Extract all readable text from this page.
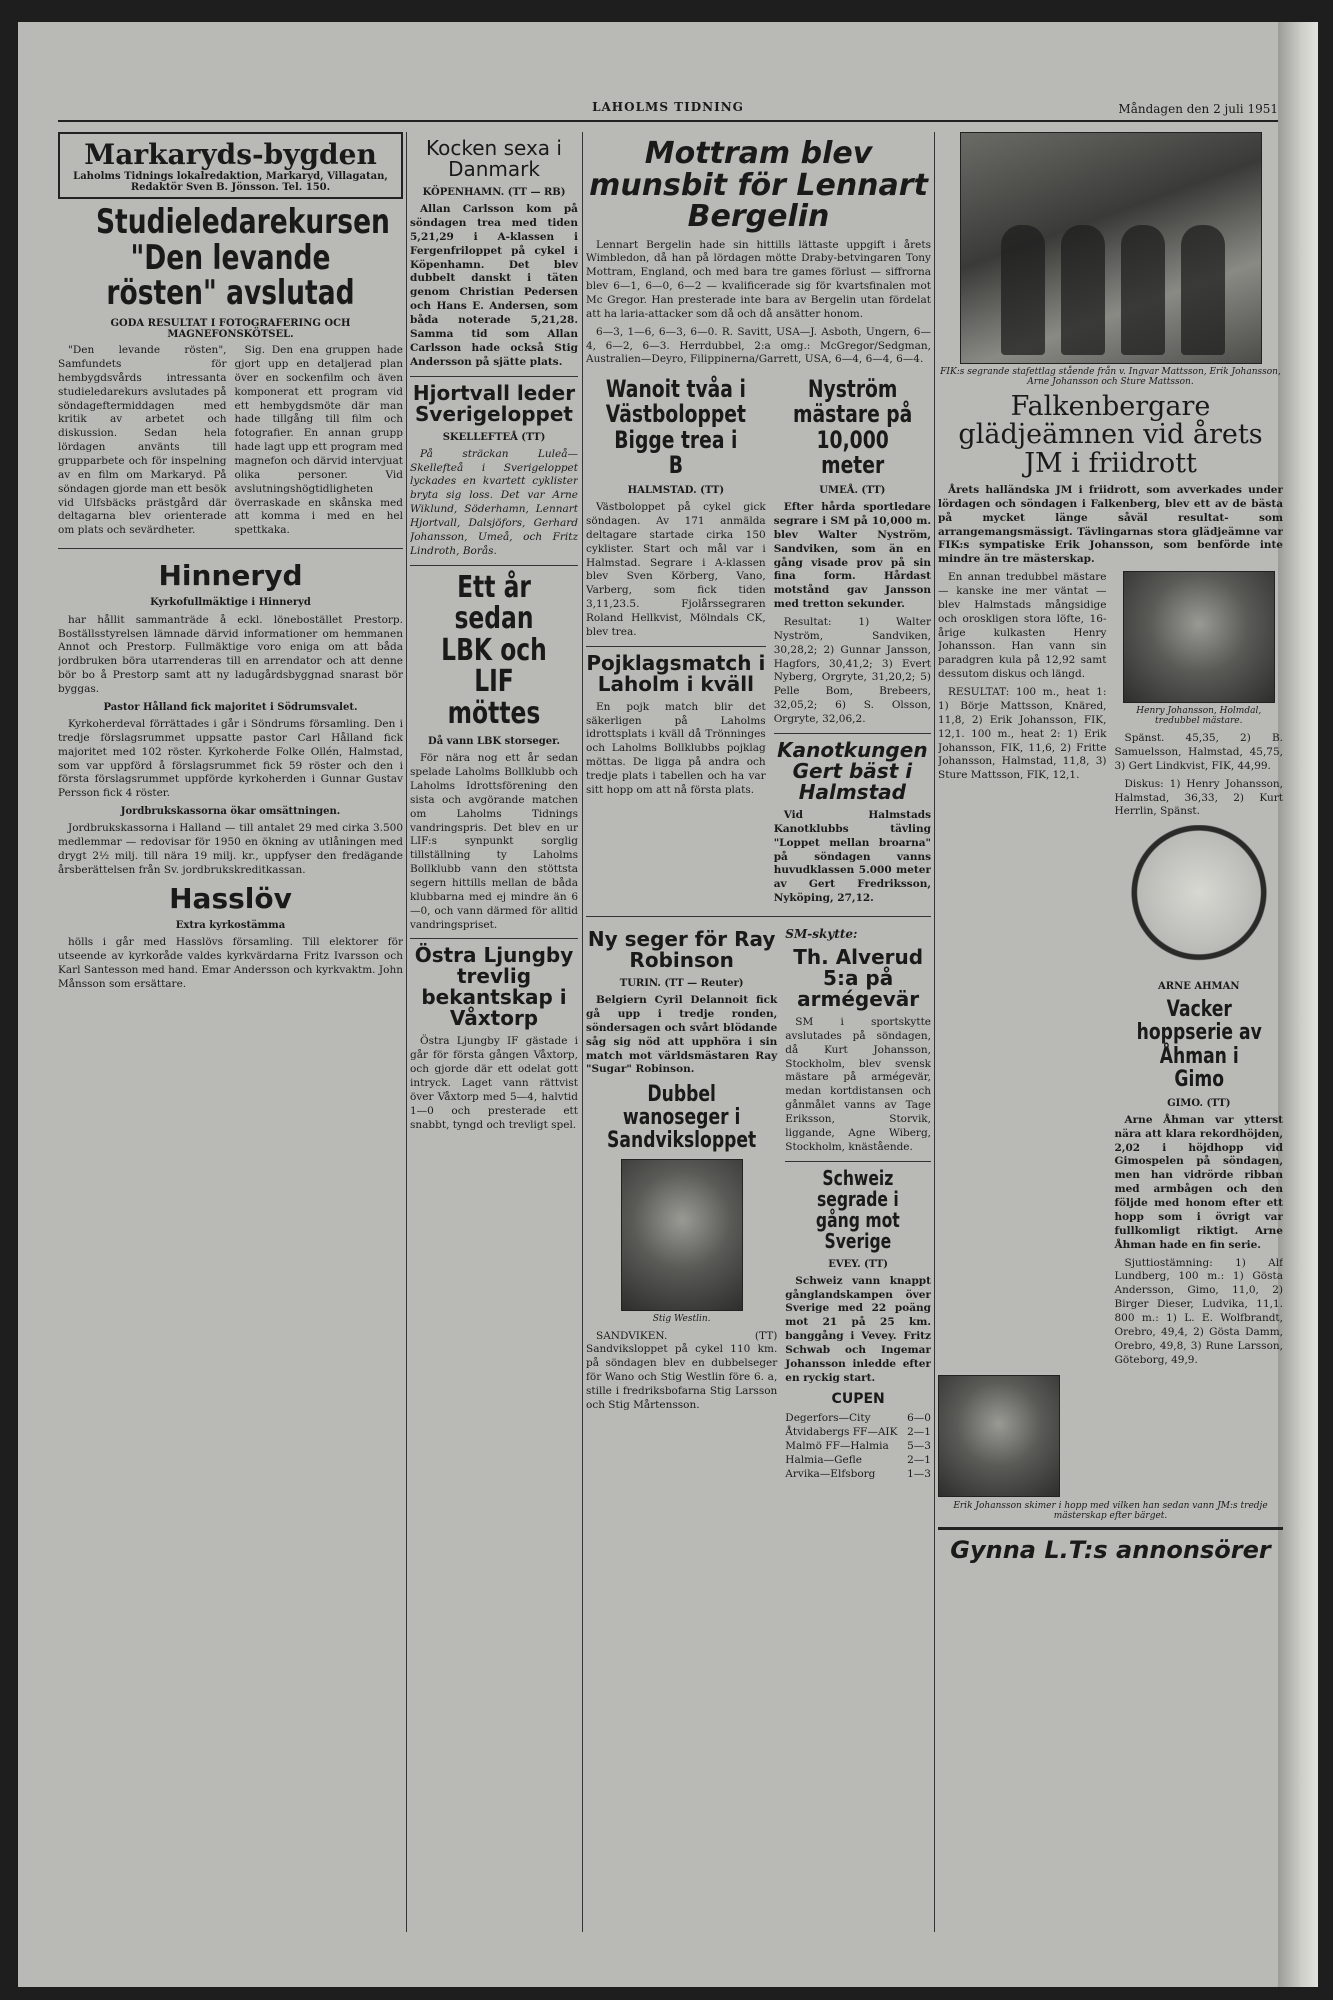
LAHOLMS TIDNING	Måndagen den 2 juli 1951
Markaryds-bygden
Laholms Tidnings lokalredaktion, Markaryd, Villagatan,
Redaktör Sven B. Jönsson. Tel. 150.
Studieledarekursen "Den levande rösten" avslutad
GODA RESULTAT I FOTOGRAFERING OCH MAGNEFONSKÖTSEL.

"Den levande rösten", Samfundets för hembygdsvårds intressanta studieledarekurs avslutades på söndageftermiddagen med kritik av arbetet och diskussion. Sedan hela lördagen använts till grupparbete och för inspelning av en film om Markaryd. På söndagen gjorde man ett besök vid Ulfsbäcks prästgård där deltagarna blev orienterade om plats och sevärdheter.

Sig. Den ena gruppen hade gjort upp en detaljerad plan över en sockenfilm och även komponerat ett program vid ett hembygdsmöte där man hade tillgång till film och fotografier. En annan grupp hade lagt upp ett program med magnefon och därvid intervjuat olika personer. Vid avslutningshögtidligheten överraskade en skånska med att komma i med en hel spettkaka.

Hinneryd
Kyrkofullmäktige i Hinneryd

har hållit sammanträde å eckl. lönebostället Prestorp. Boställsstyrelsen lämnade därvid informationer om hemmanen Annot och Prestorp. Fullmäktige voro eniga om att båda jordbruken böra utarrenderas till en arrendator och att denne bör bo å Prestorp samt att ny ladugårdsbyggnad snarast bör byggas.

Pastor Hålland fick majoritet i Södrumsvalet.

Kyrkoherdeval förrättades i går i Söndrums församling. Den i tredje förslagsrummet uppsatte pastor Carl Hålland fick majoritet med 102 röster. Kyrkoherde Folke Ollén, Halmstad, som var uppförd å förslagsrummet fick 59 röster och den i första förslagsrummet uppförde kyrkoherden i Gunnar Gustav Persson fick 4 röster.

Jordbrukskassorna ökar omsättningen.

Jordbrukskassorna i Halland — till antalet 29 med cirka 3.500 medlemmar — redovisar för 1950 en ökning av utlåningen med drygt 2½ milj. till nära 19 milj. kr., uppfyser den fredägande årsberättelsen från Sv. jordbrukskreditkassan.

Hasslöv
Extra kyrkostämma

hölls i går med Hasslövs församling. Till elektorer för utseende av kyrkoråde valdes kyrkvärdarna Fritz Ivarsson och Karl Santesson med hand. Emar Andersson och kyrkvaktm. John Månsson som ersättare.

Kocken sexa i Danmark
KÖPENHAMN. (TT — RB)

Allan Carlsson kom på söndagen trea med tiden 5,21,29 i A-klassen i Fergenfriloppet på cykel i Köpenhamn. Det blev dubbelt danskt i täten genom Christian Pedersen och Hans E. Andersen, som båda noterade 5,21,28. Samma tid som Allan Carlsson hade också Stig Andersson på sjätte plats.

Hjortvall leder Sverigeloppet
SKELLEFTEÅ (TT)

På sträckan Luleå—Skellefteå i Sverigeloppet lyckades en kvartett cyklister bryta sig loss. Det var Arne Wiklund, Söderhamn, Lennart Hjortvall, Dalsjöfors, Gerhard Johansson, Umeå, och Fritz Lindroth, Borås.

Ett år sedan LBK och LIF möttes
Då vann LBK storseger.

För nära nog ett år sedan spelade Laholms Bollklubb och Laholms Idrottsförening den sista och avgörande matchen om Laholms Tidnings vandringspris. Det blev en ur LIF:s synpunkt sorglig tillställning ty Laholms Bollklubb vann den stöttsta segern hittills mellan de båda klubbarna med ej mindre än 6—0, och vann därmed för alltid vandringspriset.

Östra Ljungby trevlig bekantskap i Våxtorp

Östra Ljungby IF gästade i går för första gången Våxtorp, och gjorde där ett odelat gott intryck. Laget vann rättvist över Våxtorp med 5—4, halvtid 1—0 och presterade ett snabbt, tyngd och trevligt spel.

Mottram blev munsbit för Lennart Bergelin

Lennart Bergelin hade sin hittills lättaste uppgift i årets Wimbledon, då han på lördagen mötte Draby-betvingaren Tony Mottram, England, och med bara tre games förlust — siffrorna blev 6—1, 6—0, 6—2 — kvalificerade sig för kvartsfinalen mot Mc Gregor. Han presterade inte bara av Bergelin utan fördelat att ha laria-attacker som då och då ansätter honom.

6—3, 1—6, 6—3, 6—0. R. Savitt, USA—J. Asboth, Ungern, 6—4, 6—2, 6—3. Herrdubbel, 2:a omg.: McGregor/Sedgman, Australien—Deyro, Filippinerna/Garrett, USA, 6—4, 6—4, 6—4.

Wanoit tvåa i Västboloppet Bigge trea i B
HALMSTAD. (TT)

Västboloppet på cykel gick söndagen. Av 171 anmälda deltagare startade cirka 150 cyklister. Start och mål var i Halmstad. Segrare i A-klassen blev Sven Körberg, Vano, Varberg, som fick tiden 3,11,23.5. Fjolårssegraren Roland Hellkvist, Mölndals CK, blev trea.

Pojklagsmatch i Laholm i kväll

En pojk match blir det säkerligen på Laholms idrottsplats i kväll då Trönninges och Laholms Bollklubbs pojklag möttas. De ligga på andra och tredje plats i tabellen och ha var sitt hopp om att nå första plats.

Nyström mästare på 10,000 meter
UMEÅ. (TT)

Efter hårda sportledare segrare i SM på 10,000 m. blev Walter Nyström, Sandviken, som än en gång visade prov på sin fina form. Hårdast motstånd gav Jansson med tretton sekunder.

Resultat: 1) Walter Nyström, Sandviken, 30,28,2; 2) Gunnar Jansson, Hagfors, 30,41,2; 3) Evert Nyberg, Orgryte, 31,20,2; 5) Pelle Bom, Brebeers, 32,05,2; 6) S. Olsson, Orgryte, 32,06,2.

Kanotkungen Gert bäst i Halmstad

Vid Halmstads Kanotklubbs tävling "Loppet mellan broarna" på söndagen vanns huvudklassen 5.000 meter av Gert Fredriksson, Nyköping, 27,12.

Ny seger för Ray Robinson
TURIN. (TT — Reuter)

Belgiern Cyril Delannoit fick gå upp i tredje ronden, söndersagen och svårt blödande såg sig nöd att upphöra i sin match mot världsmästaren Ray "Sugar" Robinson.

Dubbel wanoseger i Sandviksloppet
Stig Westlin.

SANDVIKEN. (TT) Sandviksloppet på cykel 110 km. på söndagen blev en dubbelseger för Wano och Stig Westlin före 6. a, stille i fredriksbofarna Stig Larsson och Stig Mårtensson.

SM-skytte:
Th. Alverud 5:a på armégevär

SM i sportskytte avslutades på söndagen, då Kurt Johansson, Stockholm, blev svensk mästare på armégevär, medan kortdistansen och gånmålet vanns av Tage Eriksson, Storvik, liggande, Agne Wiberg, Stockholm, knästående.

Schweiz segrade i gång mot Sverige
EVEY. (TT)

Schweiz vann knappt gånglandskampen över Sverige med 22 poäng mot 21 på 25 km. banggång i Vevey. Fritz Schwab och Ingemar Johansson inledde efter en ryckig start.

CUPEN
Degerfors—City	6—0
Åtvidabergs FF—AIK 2—1
Malmö FF—Halmia 5—3
Halmia—Gefle	2—1
Arvika—Elfsborg	1—3
FIK:s segrande stafettlag stående från v. Ingvar Mattsson, Erik Johansson, Arne Johansson och Sture Mattsson.
Falkenbergare glädjeämnen vid årets JM i friidrott

Årets halländska JM i friidrott, som avverkades under lördagen och söndagen i Falkenberg, blev ett av de bästa på mycket länge såväl resultat- som arrangemangsmässigt. Tävlingarnas stora glädjeämne var FIK:s sympatiske Erik Johansson, som benförde inte mindre än tre mästerskap.

En annan tredubbel mästare — kanske ine mer väntat — blev Halmstads mångsidige och oroskligen stora löfte, 16-årige kulkasten Henry Johansson. Han vann sin paradgren kula på 12,92 samt dessutom diskus och längd.

RESULTAT: 100 m., heat 1: 1) Börje Mattsson, Knäred, 11,8, 2) Erik Johansson, FIK, 12,1. 100 m., heat 2: 1) Erik Johansson, FIK, 11,6, 2) Fritte Johansson, Halmstad, 11,8, 3) Sture Mattsson, FIK, 12,1.

Henry Johansson, Holmdal, tredubbel mästare.

Spänst. 45,35, 2) B. Samuelsson, Halmstad, 45,75, 3) Gert Lindkvist, FIK, 44,99.

Diskus: 1) Henry Johansson, Halmstad, 36,33, 2) Kurt Herrlin, Spänst.

ARNE AHMAN
Vacker hoppserie av Åhman i Gimo
GIMO. (TT)

Arne Åhman var ytterst nära att klara rekordhöjden, 2,02 i höjdhopp vid Gimospelen på söndagen, men han vidrörde ribban med armbågen och den följde med honom efter ett hopp som i övrigt var fullkomligt riktigt. Arne Åhman hade en fin serie.

Sjuttiostämning: 1) Alf Lundberg, 100 m.: 1) Gösta Andersson, Gimo, 11,0, 2) Birger Dieser, Ludvika, 11,1. 800 m.: 1) L. E. Wolfbrandt, Orebro, 49,4, 2) Gösta Damm, Orebro, 49,8, 3) Rune Larsson, Göteborg, 49,9.

Erik Johansson skimer i hopp med vilken han sedan vann JM:s tredje mästerskap efter bärget.
Gynna L.T:s annonsörer
